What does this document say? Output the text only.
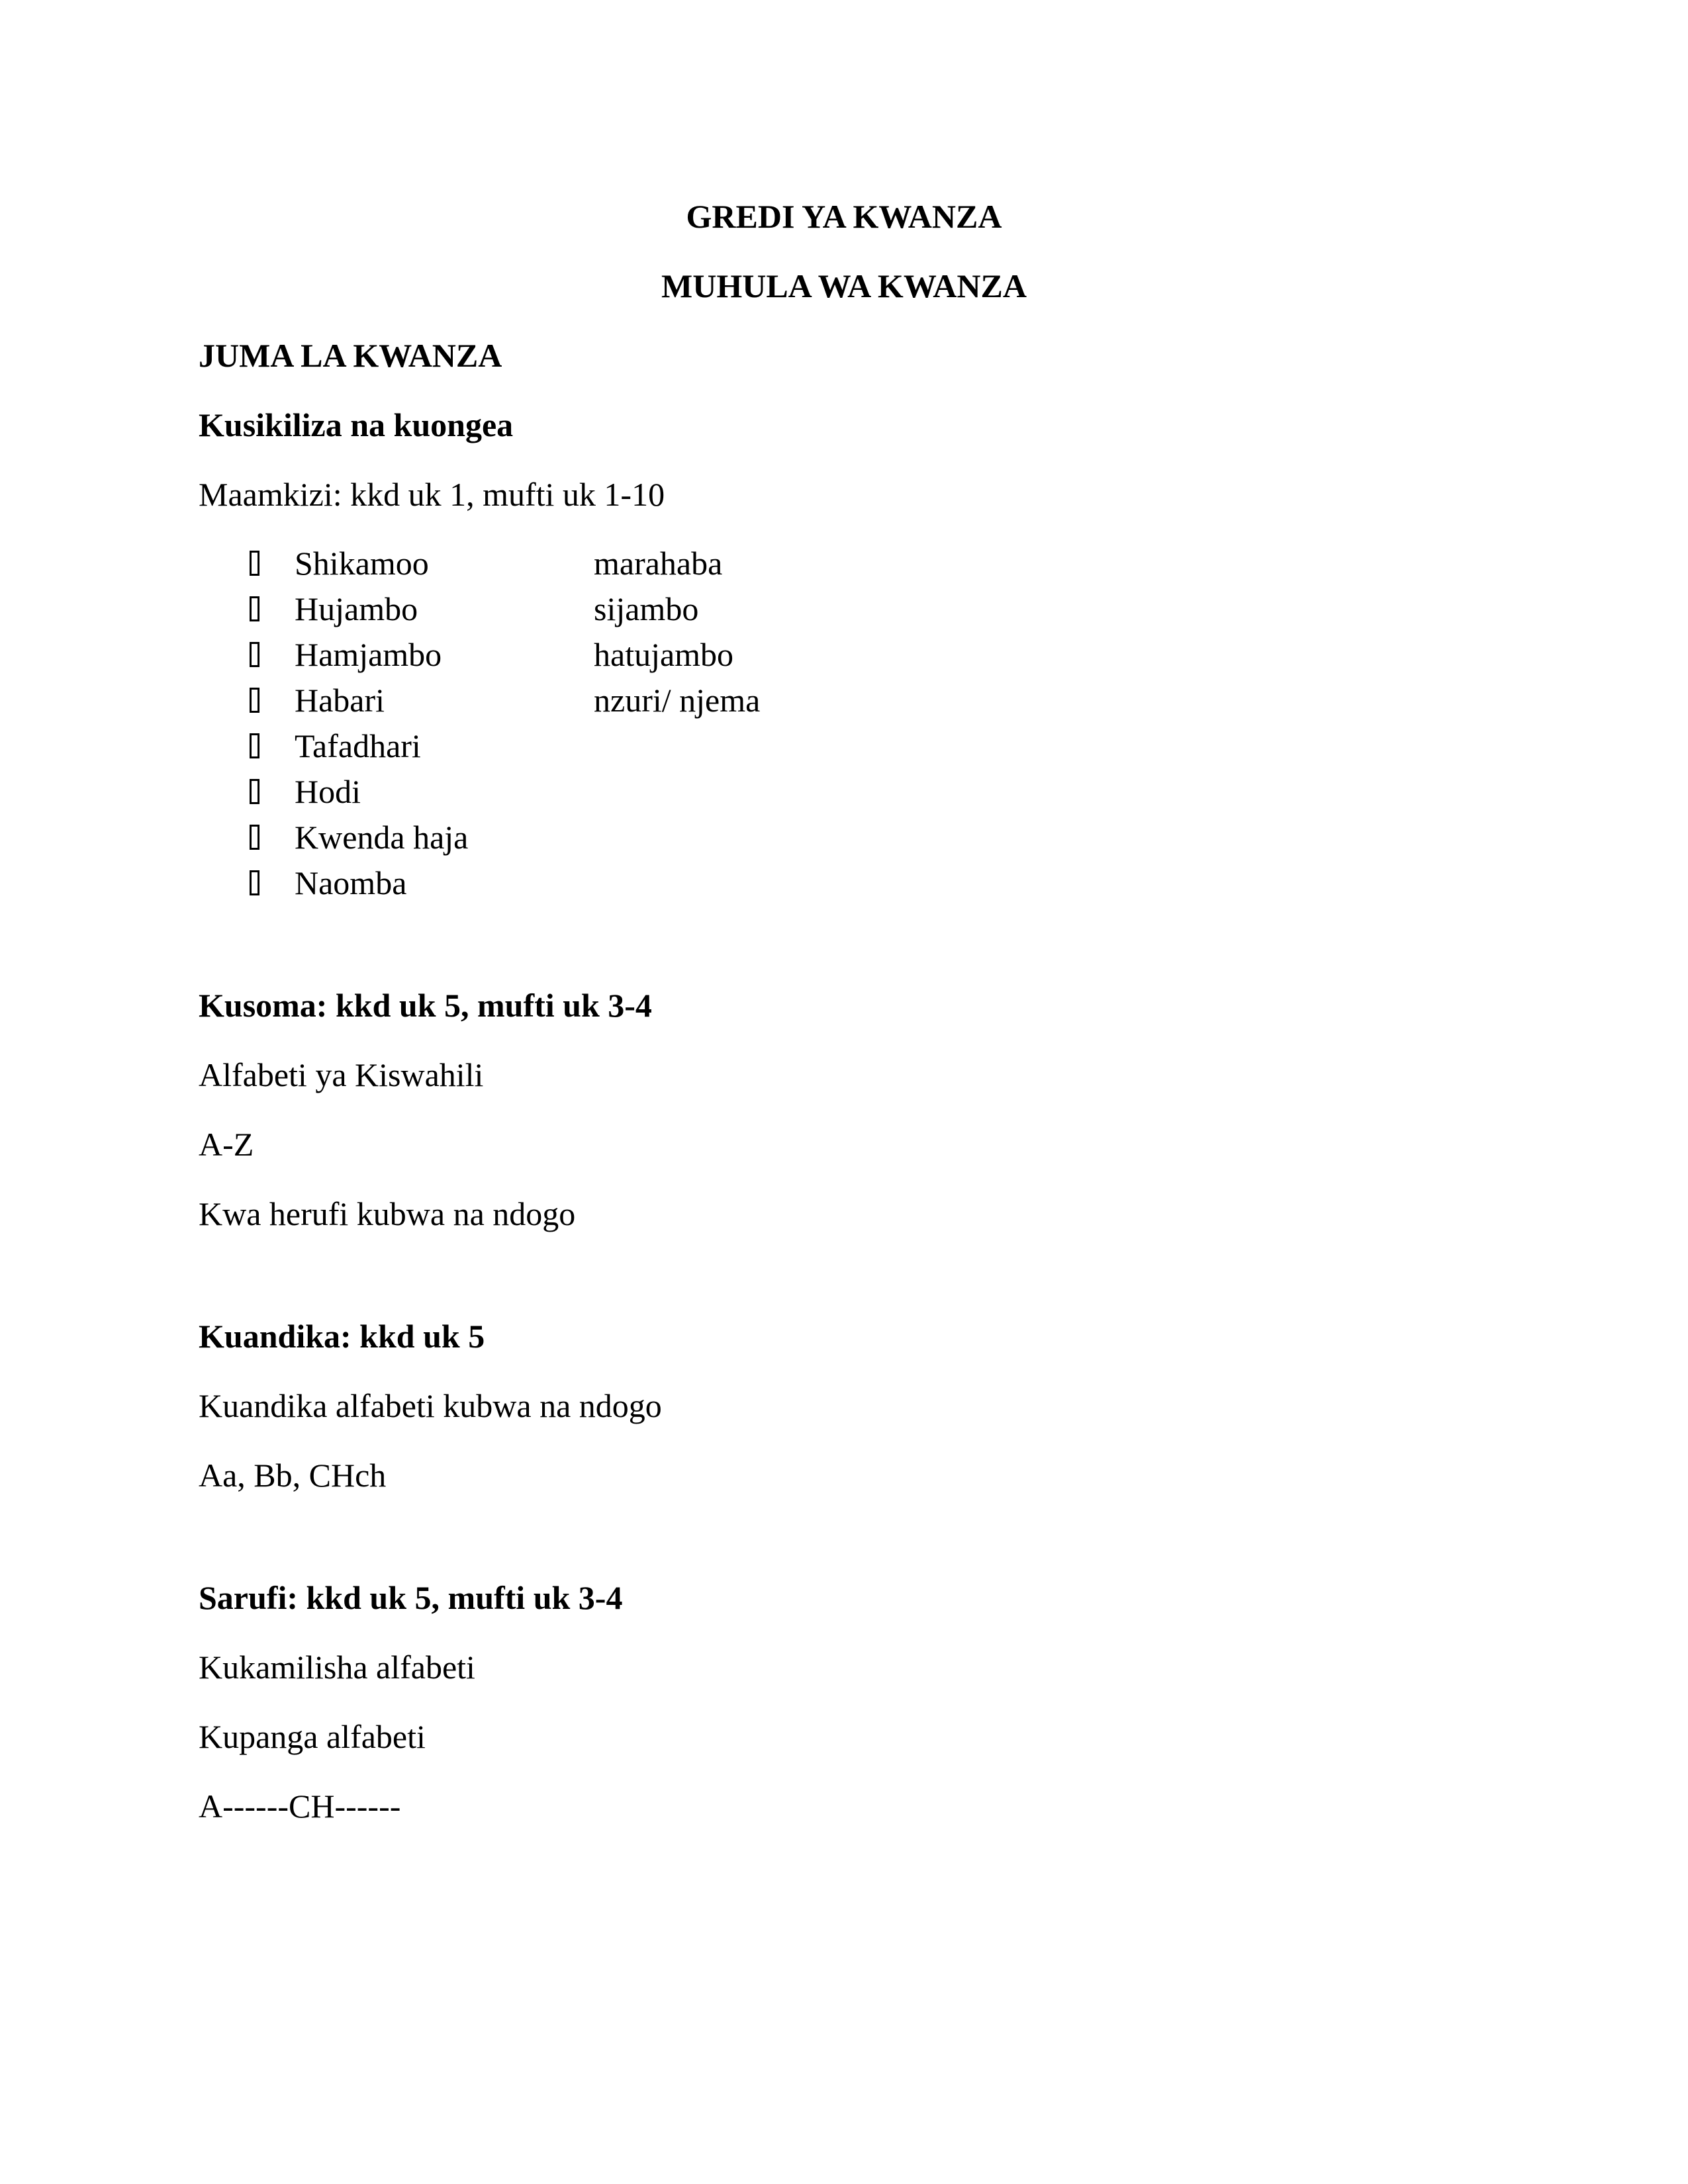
GREDI YA KWANZA

MUHULA WA KWANZA

JUMA LA KWANZA

Kusikiliza na kuongea

Maamkizi: kkd uk 1, mufti uk 1-10

Shikamoo	marahaba
Hujambo	sijambo
Hamjambo	hatujambo
Habari	nzuri/ njema
Tafadhari
Hodi
Kwenda haja
Naomba

Kusoma: kkd uk 5, mufti uk 3-4

Alfabeti ya Kiswahili

A-Z

Kwa herufi kubwa na ndogo

Kuandika: kkd uk 5

Kuandika alfabeti kubwa na ndogo

Aa, Bb, CHch

Sarufi: kkd uk 5, mufti uk 3-4

Kukamilisha alfabeti

Kupanga alfabeti

A------CH------
